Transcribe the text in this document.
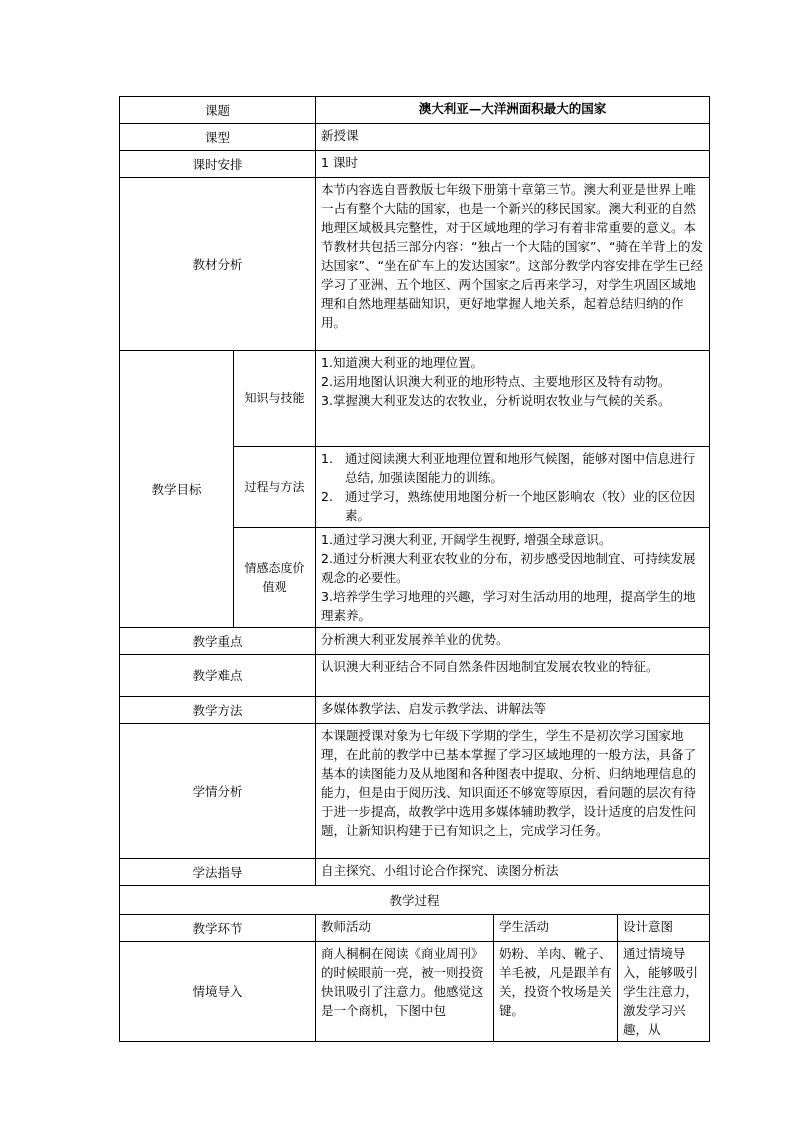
课题		澳大利亚—大洋洲面积最大的国家		
课型		新授课		
课时安排		1 课时		
教材分析		本节内容选自晋教版七年级下册第十章第三节。澳大利亚是世界上唯一占有整个大陆的国家，也是一个新兴的移民国家。澳大利亚的自然地理区域极具完整性，对于区域地理的学习有着非常重要的意义。本节教材共包括三部分内容：“独占一个大陆的国家”、“骑在羊背上的发达国家”、“坐在矿车上的发达国家”。这部分教学内容安排在学生已经学习了亚洲、五个地区、两个国家之后再来学习，对学生巩固区域地理和自然地理基础知识，更好地掌握人地关系，起着总结归纳的作用。		
教学目标	知识与技能	1.知道澳大利亚的地理位置。
2.运用地图认识澳大利亚的地形特点、主要地形区及特有动物。
3.掌握澳大利亚发达的农牧业，分析说明农牧业与气候的关系。		

	过程与方法	1. 通过阅读澳大利亚地理位置和地形气候图，能够对图中信息进行总结, 加强读图能力的训练。
2. 通过学习，熟练使用地图分析一个地区影响农（牧）业的区位因素。		

	情感态度价值观	1.通过学习澳大利亚, 开阔学生视野, 增强全球意识。
2.通过分析澳大利亚农牧业的分布，初步感受因地制宜、可持续发展观念的必要性。
3.培养学生学习地理的兴趣，学习对生活动用的地理，提高学生的地理素养。		

教学重点		分析澳大利亚发展养羊业的优势。		
教学难点		认识澳大利亚结合不同自然条件因地制宜发展农牧业的特征。		
教学方法		多媒体教学法、启发示教学法、讲解法等		
学情分析		本课题授课对象为七年级下学期的学生，学生不是初次学习国家地理，在此前的教学中已基本掌握了学习区域地理的一般方法，具备了基本的读图能力及从地图和各种图表中提取、分析、归纳地理信息的能力，但是由于阅历浅、知识面还不够宽等原因，看问题的层次有待于进一步提高，故教学中选用多媒体辅助教学，设计适度的启发性问题，让新知识构建于已有知识之上，完成学习任务。		
学法指导		自主探究、小组讨论合作探究、读图分析法		
教学过程				
教学环节		教师活动	学生活动	设计意图
情境导入		商人桐桐在阅读《商业周刊》的时候眼前一亮，被一则投资快讯吸引了注意力。他感觉这是一个商机，下图中包	奶粉、羊肉、靴子、羊毛被，凡是跟羊有关，投资个牧场是关键。	通过情境导入，能够吸引学生注意力，激发学习兴趣，从
